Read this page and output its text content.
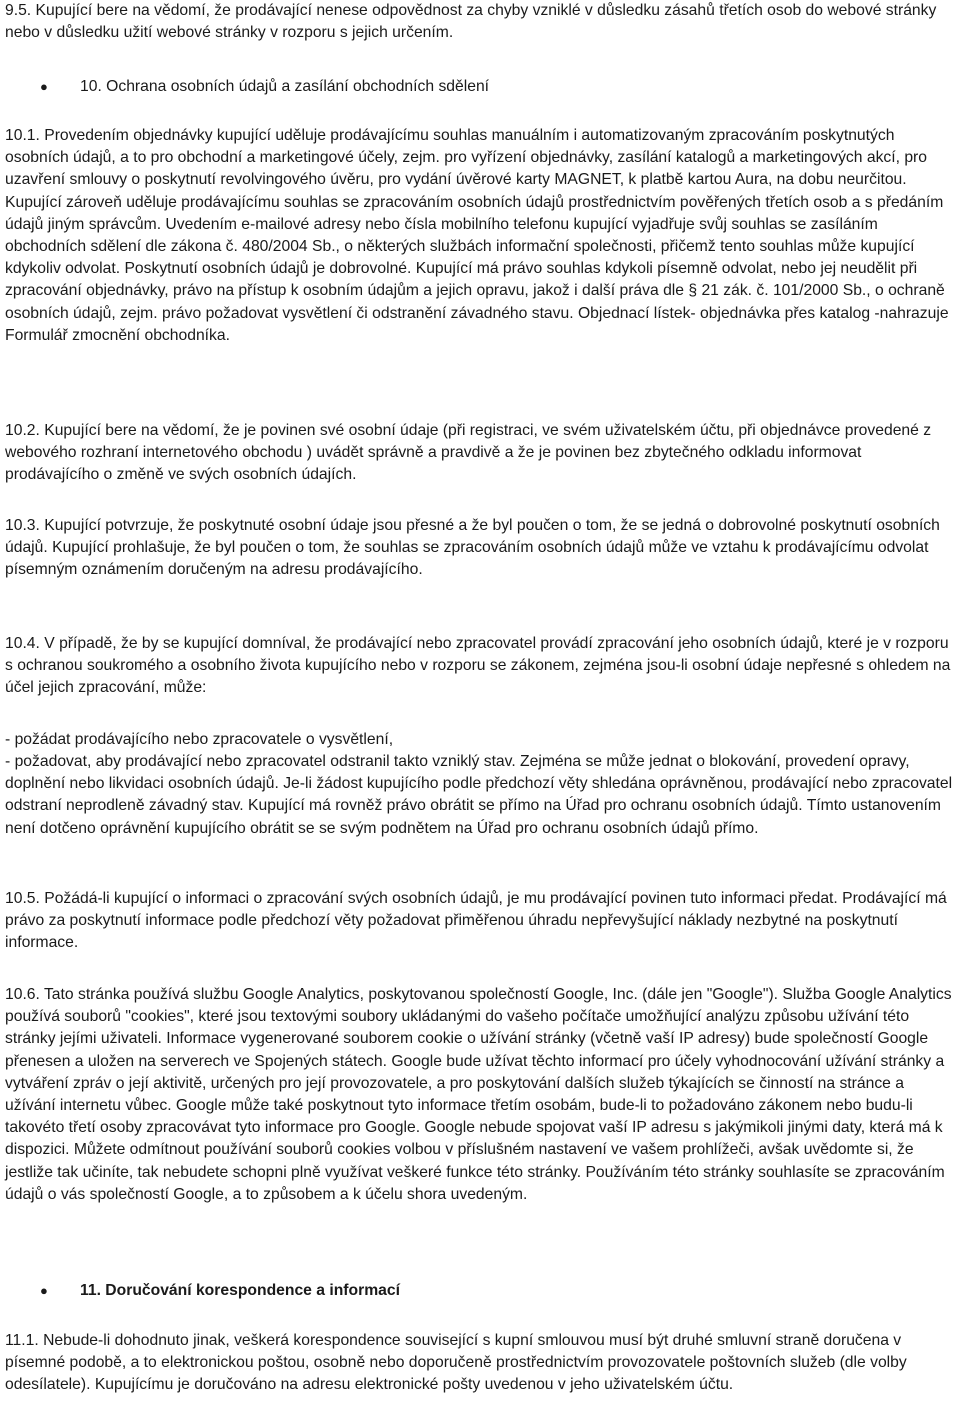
9.5. Kupující bere na vědomí, že prodávající nenese odpovědnost za chyby vzniklé v důsledku zásahů třetích osob do webové stránky nebo v důsledku užití webové stránky v rozporu s jejich určením.

● 10. Ochrana osobních údajů a zasílání obchodních sdělení

10.1. Provedením objednávky kupující uděluje prodávajícímu souhlas manuálním i automatizovaným zpracováním poskytnutých osobních údajů, a to pro obchodní a marketingové účely, zejm. pro vyřízení objednávky, zasílání katalogů a marketingových akcí, pro uzavření smlouvy o poskytnutí revolvingového úvěru, pro vydání úvěrové karty MAGNET, k platbě kartou Aura, na dobu neurčitou. Kupující zároveň uděluje prodávajícímu souhlas se zpracováním osobních údajů prostřednictvím pověřených třetích osob a s předáním údajů jiným správcům. Uvedením e-mailové adresy nebo čísla mobilního telefonu kupující vyjadřuje svůj souhlas se zasíláním obchodních sdělení dle zákona č. 480/2004 Sb., o některých službách informační společnosti, přičemž tento souhlas může kupující kdykoliv odvolat. Poskytnutí osobních údajů je dobrovolné. Kupující má právo souhlas kdykoli písemně odvolat, nebo jej neudělit při zpracování objednávky, právo na přístup k osobním údajům a jejich opravu, jakož i další práva dle § 21 zák. č. 101/2000 Sb., o ochraně osobních údajů, zejm. právo požadovat vysvětlení či odstranění závadného stavu. Objednací lístek- objednávka přes katalog -nahrazuje Formulář zmocnění obchodníka.

10.2. Kupující bere na vědomí, že je povinen své osobní údaje (při registraci, ve svém uživatelském účtu, při objednávce provedené z webového rozhraní internetového obchodu ) uvádět správně a pravdivě a že je povinen bez zbytečného odkladu informovat prodávajícího o změně ve svých osobních údajích.

10.3. Kupující potvrzuje, že poskytnuté osobní údaje jsou přesné a že byl poučen o tom, že se jedná o dobrovolné poskytnutí osobních údajů. Kupující prohlašuje, že byl poučen o tom, že souhlas se zpracováním osobních údajů může ve vztahu k prodávajícímu odvolat písemným oznámením doručeným na adresu prodávajícího.

10.4. V případě, že by se kupující domníval, že prodávající nebo zpracovatel provádí zpracování jeho osobních údajů, které je v rozporu s ochranou soukromého a osobního života kupujícího nebo v rozporu se zákonem, zejména jsou-li osobní údaje nepřesné s ohledem na účel jejich zpracování, může:

- požádat prodávajícího nebo zpracovatele o vysvětlení,

- požadovat, aby prodávající nebo zpracovatel odstranil takto vzniklý stav. Zejména se může jednat o blokování, provedení opravy, doplnění nebo likvidaci osobních údajů. Je-li žádost kupujícího podle předchozí věty shledána oprávněnou, prodávající nebo zpracovatel odstraní neprodleně závadný stav. Kupující má rovněž právo obrátit se přímo na Úřad pro ochranu osobních údajů. Tímto ustanovením není dotčeno oprávnění kupujícího obrátit se se svým podnětem na Úřad pro ochranu osobních údajů přímo.

10.5. Požádá-li kupující o informaci o zpracování svých osobních údajů, je mu prodávající povinen tuto informaci předat. Prodávající má právo za poskytnutí informace podle předchozí věty požadovat přiměřenou úhradu nepřevyšující náklady nezbytné na poskytnutí informace.

10.6. Tato stránka používá službu Google Analytics, poskytovanou společností Google, Inc. (dále jen "Google"). Služba Google Analytics používá souborů "cookies", které jsou textovými soubory ukládanými do vašeho počítače umožňující analýzu způsobu užívání této stránky jejími uživateli. Informace vygenerované souborem cookie o užívání stránky (včetně vaší IP adresy) bude společností Google přenesen a uložen na serverech ve Spojených státech. Google bude užívat těchto informací pro účely vyhodnocování užívání stránky a vytváření zpráv o její aktivitě, určených pro její provozovatele, a pro poskytování dalších služeb týkajících se činností na stránce a užívání internetu vůbec. Google může také poskytnout tyto informace třetím osobám, bude-li to požadováno zákonem nebo budu-li takovéto třetí osoby zpracovávat tyto informace pro Google. Google nebude spojovat vaší IP adresu s jakýmikoli jinými daty, která má k dispozici. Můžete odmítnout používání souborů cookies volbou v příslušném nastavení ve vašem prohlížeči, avšak uvědomte si, že jestliže tak učiníte, tak nebudete schopni plně využívat veškeré funkce této stránky. Používáním této stránky souhlasíte se zpracováním údajů o vás společností Google, a to způsobem a k účelu shora uvedeným.

● 11. Doručování korespondence a informací

11.1. Nebude-li dohodnuto jinak, veškerá korespondence související s kupní smlouvou musí být druhé smluvní straně doručena v písemné podobě, a to elektronickou poštou, osobně nebo doporučeně prostřednictvím provozovatele poštovních služeb (dle volby odesílatele). Kupujícímu je doručováno na adresu elektronické pošty uvedenou v jeho uživatelském účtu.
